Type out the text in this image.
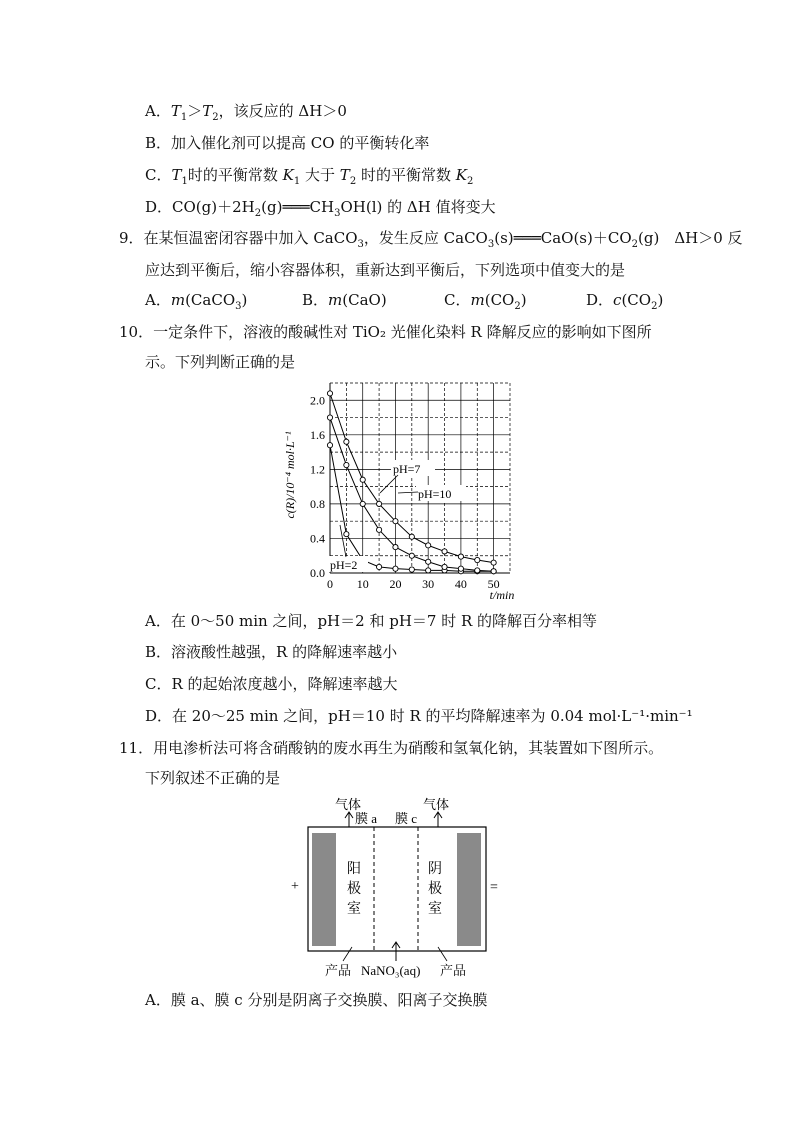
A．$T_1>T_2$，该反应的 ΔH＞0
B．加入催化剂可以提高 CO 的平衡转化率
C．$T_1$时的平衡常数 $K_1$ 大于 $T_2$ 时的平衡常数 $K_2$
D．$CO(g)+2H_2(g)═══CH_3OH(l)$ 的 ΔH 值将变大
9．在某恒温密闭容器中加入 CaCO$_3$，发生反应 $CaCO_3(s)═══CaO(s)+CO_2(g)$　ΔH＞0 反
应达到平衡后，缩小容器体积，重新达到平衡后，下列选项中值变大的是
A．m(CaCO$_3$)	B．m(CaO)	C．$m(CO_2)$	D．$c(CO_2)$
10．一定条件下，溶液的酸碱性对 TiO₂ 光催化染料 R 降解反应的影响如下图所
示。下列判断正确的是
0.0
0.4
0.8
1.2
1.6
2.0
0 10 20 30 40 50
c(R)/10⁻⁴ mol·L⁻¹
t/min
pH=7
pH=10
pH=2
A．在 0～50 min 之间，pH＝2 和 pH＝7 时 R 的降解百分率相等
B．溶液酸性越强，R 的降解速率越小
C．R 的起始浓度越小，降解速率越大
D．在 20～25 min 之间，pH＝10 时 R 的平均降解速率为 0.04 mol·L⁻¹·min⁻¹
11．用电渗析法可将含硝酸钠的废水再生为硝酸和氢氧化钠，其装置如下图所示。
下列叙述不正确的是
气体	气体
膜 a 膜 c
阳
极
室
阴
极
室
+	=
产品 NaNO₃(aq) 产品
A．膜 a、膜 c 分别是阴离子交换膜、阳离子交换膜
